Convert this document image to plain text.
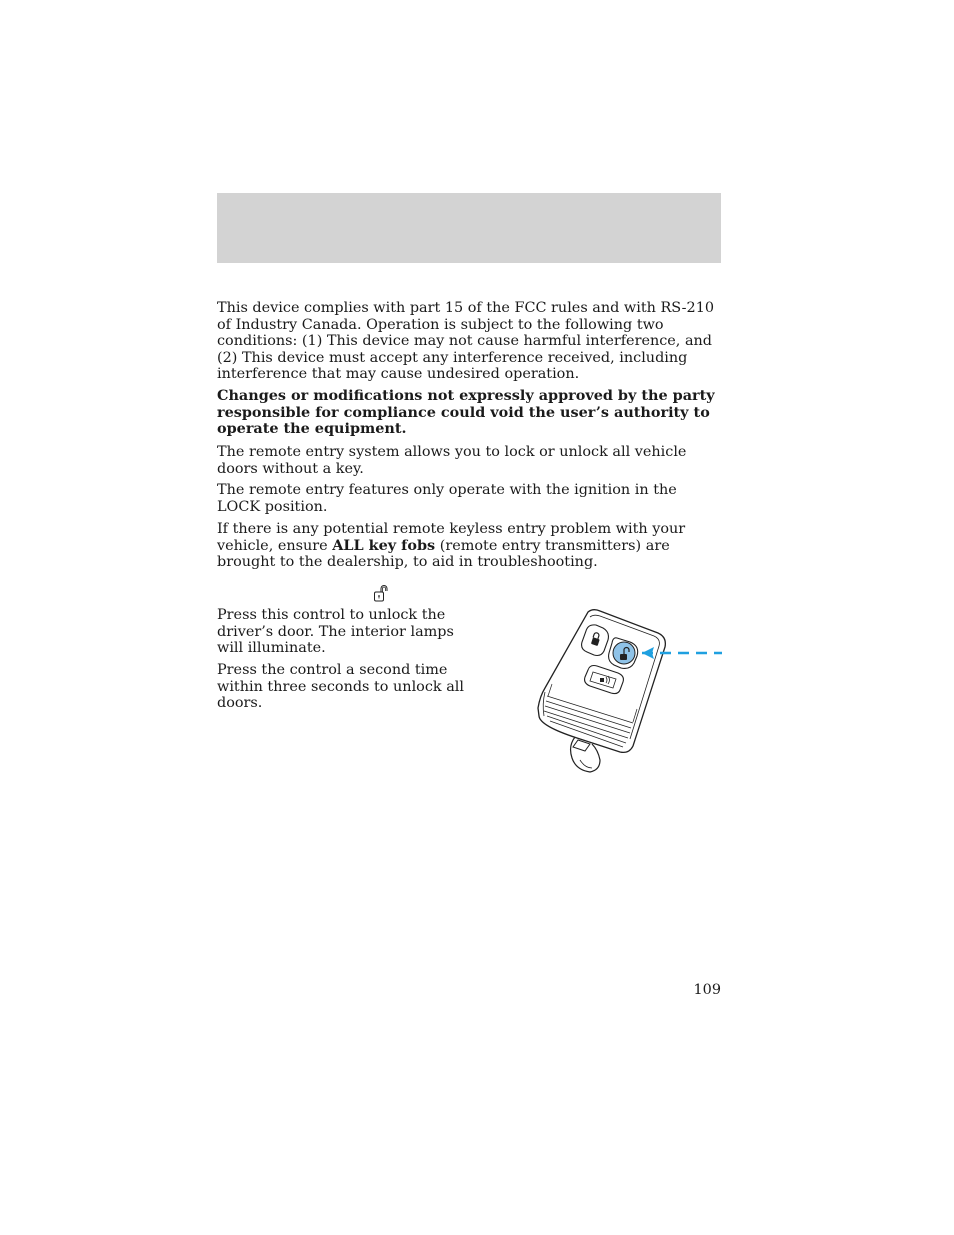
This device complies with part 15 of the FCC rules and with RS-210 of Industry Canada. Operation is subject to the following two conditions: (1) This device may not cause harmful interference, and (2) This device must accept any interference received, including interference that may cause undesired operation.

Changes or modifications not expressly approved by the party responsible for compliance could void the user’s authority to operate the equipment.

The remote entry system allows you to lock or unlock all vehicle doors without a key.

The remote entry features only operate with the ignition in the LOCK position.

If there is any potential remote keyless entry problem with your vehicle, ensure ALL key fobs (remote entry transmitters) are brought to the dealership, to aid in troubleshooting.

Press this control to unlock the driver’s door. The interior lamps will illuminate.

Press the control a second time within three seconds to unlock all doors.

109
